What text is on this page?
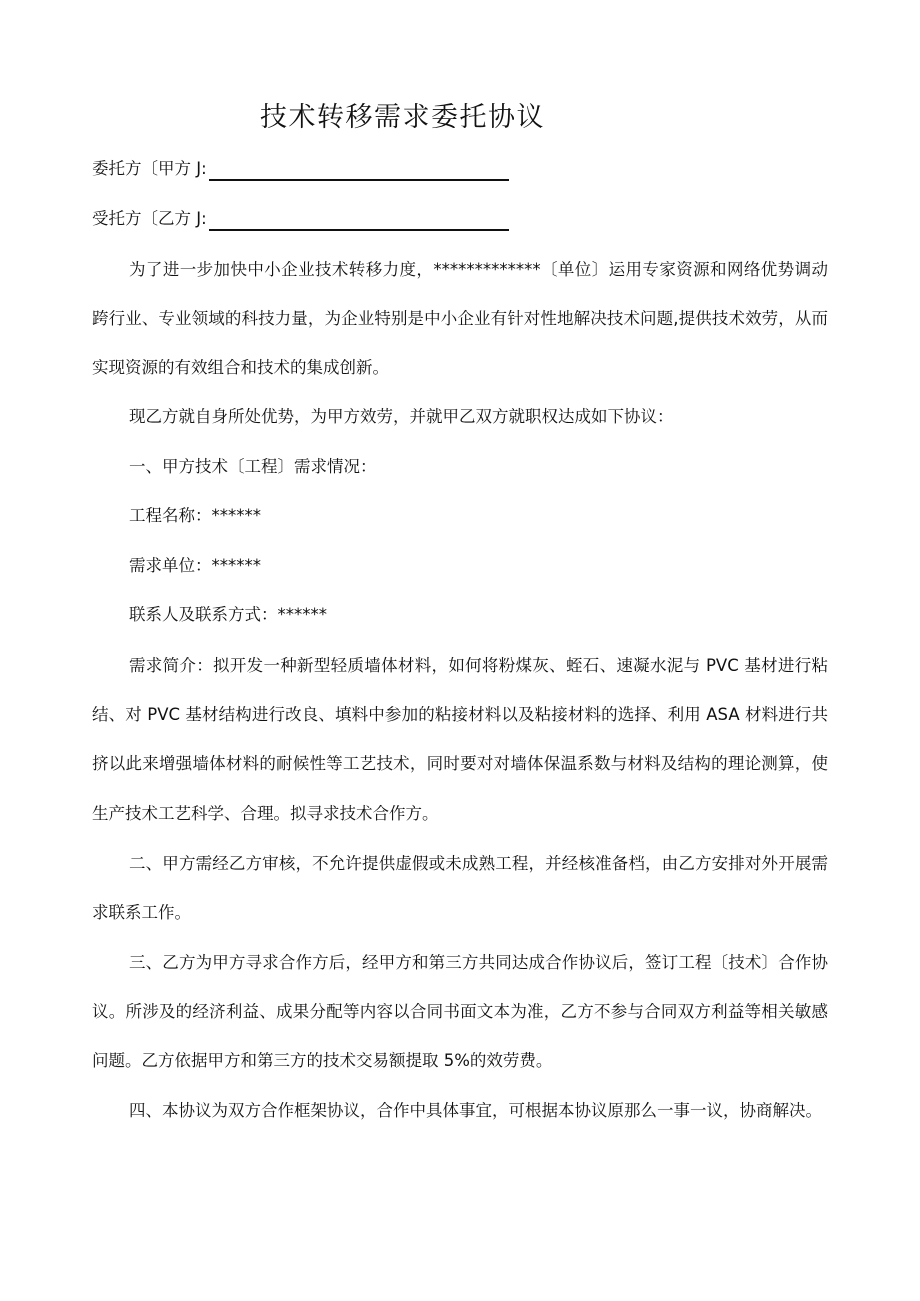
技术转移需求委托协议
委托方〔甲方 J:
受托方〔乙方 J:

为了进一步加快中小企业技术转移力度，*************〔单位〕运用专家资源和网络优势调动跨行业、专业领域的科技力量，为企业特别是中小企业有针对性地解决技术问题,提供技术效劳，从而实现资源的有效组合和技术的集成创新。

现乙方就自身所处优势，为甲方效劳，并就甲乙双方就职权达成如下协议：
一、甲方技术〔工程〕需求情况：
工程名称：******
需求单位：******
联系人及联系方式：******

需求简介：拟开发一种新型轻质墙体材料，如何将粉煤灰、蛭石、速凝水泥与 PVC 基材进行粘结、对 PVC 基材结构进行改良、填料中参加的粘接材料以及粘接材料的选择、利用 ASA 材料进行共挤以此来增强墙体材料的耐候性等工艺技术，同时要对对墙体保温系数与材料及结构的理论测算，使生产技术工艺科学、合理。拟寻求技术合作方。

二、甲方需经乙方审核，不允许提供虚假或未成熟工程，并经核准备档，由乙方安排对外开展需求联系工作。

三、乙方为甲方寻求合作方后，经甲方和第三方共同达成合作协议后，签订工程〔技术〕合作协议。所涉及的经济利益、成果分配等内容以合同书面文本为准，乙方不参与合同双方利益等相关敏感问题。乙方依据甲方和第三方的技术交易额提取 5%的效劳费。

四、本协议为双方合作框架协议，合作中具体事宜，可根据本协议原那么一事一议，协商解决。
